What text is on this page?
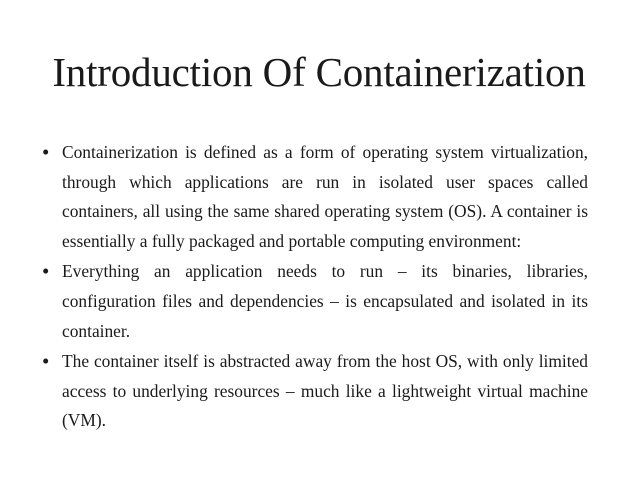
Introduction Of Containerization
• Containerization is defined as a form of operating system virtualization, through which applications are run in isolated user spaces called containers, all using the same shared operating system (OS). A container is essentially a fully packaged and portable computing environment:
• Everything an application needs to run – its binaries, libraries, configuration files and dependencies – is encapsulated and isolated in its container.
• The container itself is abstracted away from the host OS, with only limited access to underlying resources – much like a lightweight virtual machine (VM).
